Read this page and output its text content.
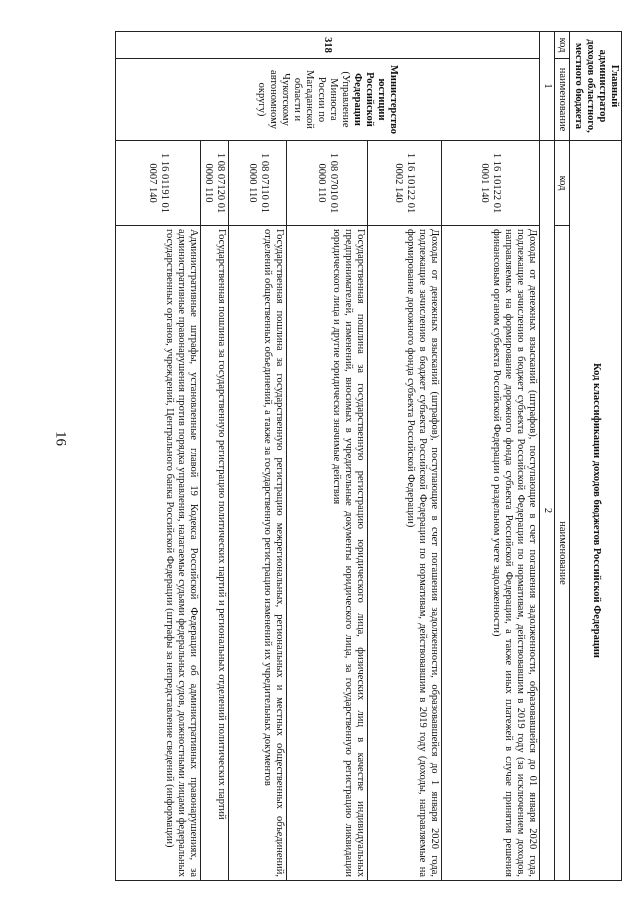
16
Главный администратор доходов областного, местного бюджета		Код классификации доходов бюджетов Российской Федерации	
код	наименование	код	наименование
1		2	
318	Министерство юстиции Российской Федерации (Управление Минюста России по Магаданской области и Чукотскому автономному округу)	1 16 10122 01 0001 140	Доходы от денежных взысканий (штрафов), поступающие в счет погашения задолженности, образовавшейся до 01 января 2020 года, подлежащие зачислению в бюджет субъекта Российской Федерации по нормативам, действовавшим в 2019 году (за исключением доходов, направляемых на формирование дорожного фонда субъекта Российской Федерации, а также иных платежей в случае принятия решения финансовым органом субъекта Российской Федерации о раздельном учете задолженности)
		1 16 10122 01 0002 140	Доходы от денежных взысканий (штрафов), поступающие в счет погашения задолженности, образовавшейся до 1 января 2020 года, подлежащие зачислению в бюджет субъекта Российской Федерации по нормативам, действовавшим в 2019 году (доходы, направляемые на формирование дорожного фонда субъекта Российской Федерации)
		1 08 07010 01 0000 110	Государственная пошлина за государственную регистрацию юридического лица, физических лиц в качестве индивидуальных предпринимателей, изменений, вносимых в учредительные документы юридического лица, за государственную регистрацию ликвидации юридического лица и другие юридически значимые действия
		1 08 07110 01 0000 110	Государственная пошлина за государственную регистрацию межрегиональных, региональных и местных общественных объединений, отделений общественных объединений, а также за государственную регистрацию изменений их учредительных документов
		1 08 07120 01 0000 110	Государственная пошлина за государственную регистрацию политических партий и региональных отделений политических партий
		1 16 01191 01 0007 140	Административные штрафы, установленные главой 19 Кодекса Российской Федерации об административных правонарушениях, за административные правонарушения против порядка управления, налагаемые судьями федеральных судов, должностными лицами федеральных государственных органов, учреждений, Центрального банка Российской Федерации (штрафы за непредставление сведений (информации)
